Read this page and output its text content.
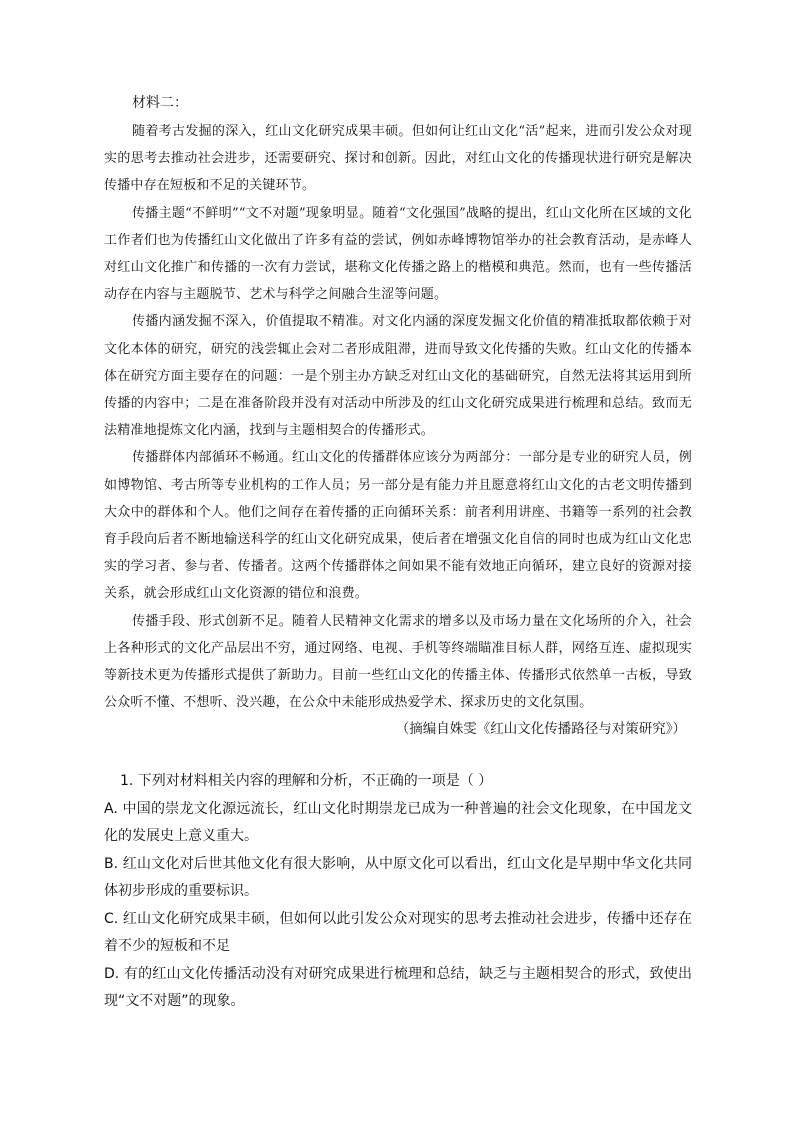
材料二：

随着考古发掘的深入，红山文化研究成果丰硕。但如何让红山文化“活”起来，进而引发公众对现实的思考去推动社会进步，还需要研究、探讨和创新。因此，对红山文化的传播现状进行研究是解决传播中存在短板和不足的关键环节。

传播主题“不鲜明”“文不对题”现象明显。随着“文化强国”战略的提出，红山文化所在区域的文化工作者们也为传播红山文化做出了许多有益的尝试，例如赤峰博物馆举办的社会教育活动，是赤峰人对红山文化推广和传播的一次有力尝试，堪称文化传播之路上的楷模和典范。然而，也有一些传播活动存在内容与主题脱节、艺术与科学之间融合生涩等问题。

传播内涵发掘不深入，价值提取不精准。对文化内涵的深度发掘文化价值的精准抵取都依赖于对文化本体的研究，研究的浅尝辄止会对二者形成阻滞，进而导致文化传播的失败。红山文化的传播本体在研究方面主要存在的问题：一是个别主办方缺乏对红山文化的基础研究，自然无法将其运用到所传播的内容中；二是在准备阶段并没有对活动中所涉及的红山文化研究成果进行梳理和总结。致而无法精准地提炼文化内涵，找到与主题相契合的传播形式。

传播群体内部循环不畅通。红山文化的传播群体应该分为两部分：一部分是专业的研究人员，例如博物馆、考古所等专业机构的工作人员；另一部分是有能力并且愿意将红山文化的古老文明传播到大众中的群体和个人。他们之间存在着传播的正向循环关系：前者利用讲座、书籍等一系列的社会教育手段向后者不断地输送科学的红山文化研究成果，使后者在增强文化自信的同时也成为红山文化忠实的学习者、参与者、传播者。这两个传播群体之间如果不能有效地正向循环，建立良好的资源对接关系，就会形成红山文化资源的错位和浪费。

传播手段、形式创新不足。随着人民精神文化需求的增多以及市场力量在文化场所的介入，社会上各种形式的文化产品层出不穷，通过网络、电视、手机等终端瞄准目标人群，网络互连、虚拟现实等新技术更为传播形式提供了新助力。目前一些红山文化的传播主体、传播形式依然单一古板，导致公众听不懂、不想听、没兴趣，在公众中未能形成热爱学术、探求历史的文化氛围。

（摘编自姝雯《红山文化传播路径与对策研究》）
1. 下列对材料相关内容的理解和分析，不正确的一项是（ ）
A. 中国的崇龙文化源远流长，红山文化时期崇龙已成为一种普遍的社会文化现象，在中国龙文化的发展史上意义重大。
B. 红山文化对后世其他文化有很大影响，从中原文化可以看出，红山文化是早期中华文化共同体初步形成的重要标识。
C. 红山文化研究成果丰硕，但如何以此引发公众对现实的思考去推动社会进步，传播中还存在着不少的短板和不足
D. 有的红山文化传播活动没有对研究成果进行梳理和总结，缺乏与主题相契合的形式，致使出现“文不对题”的现象。
